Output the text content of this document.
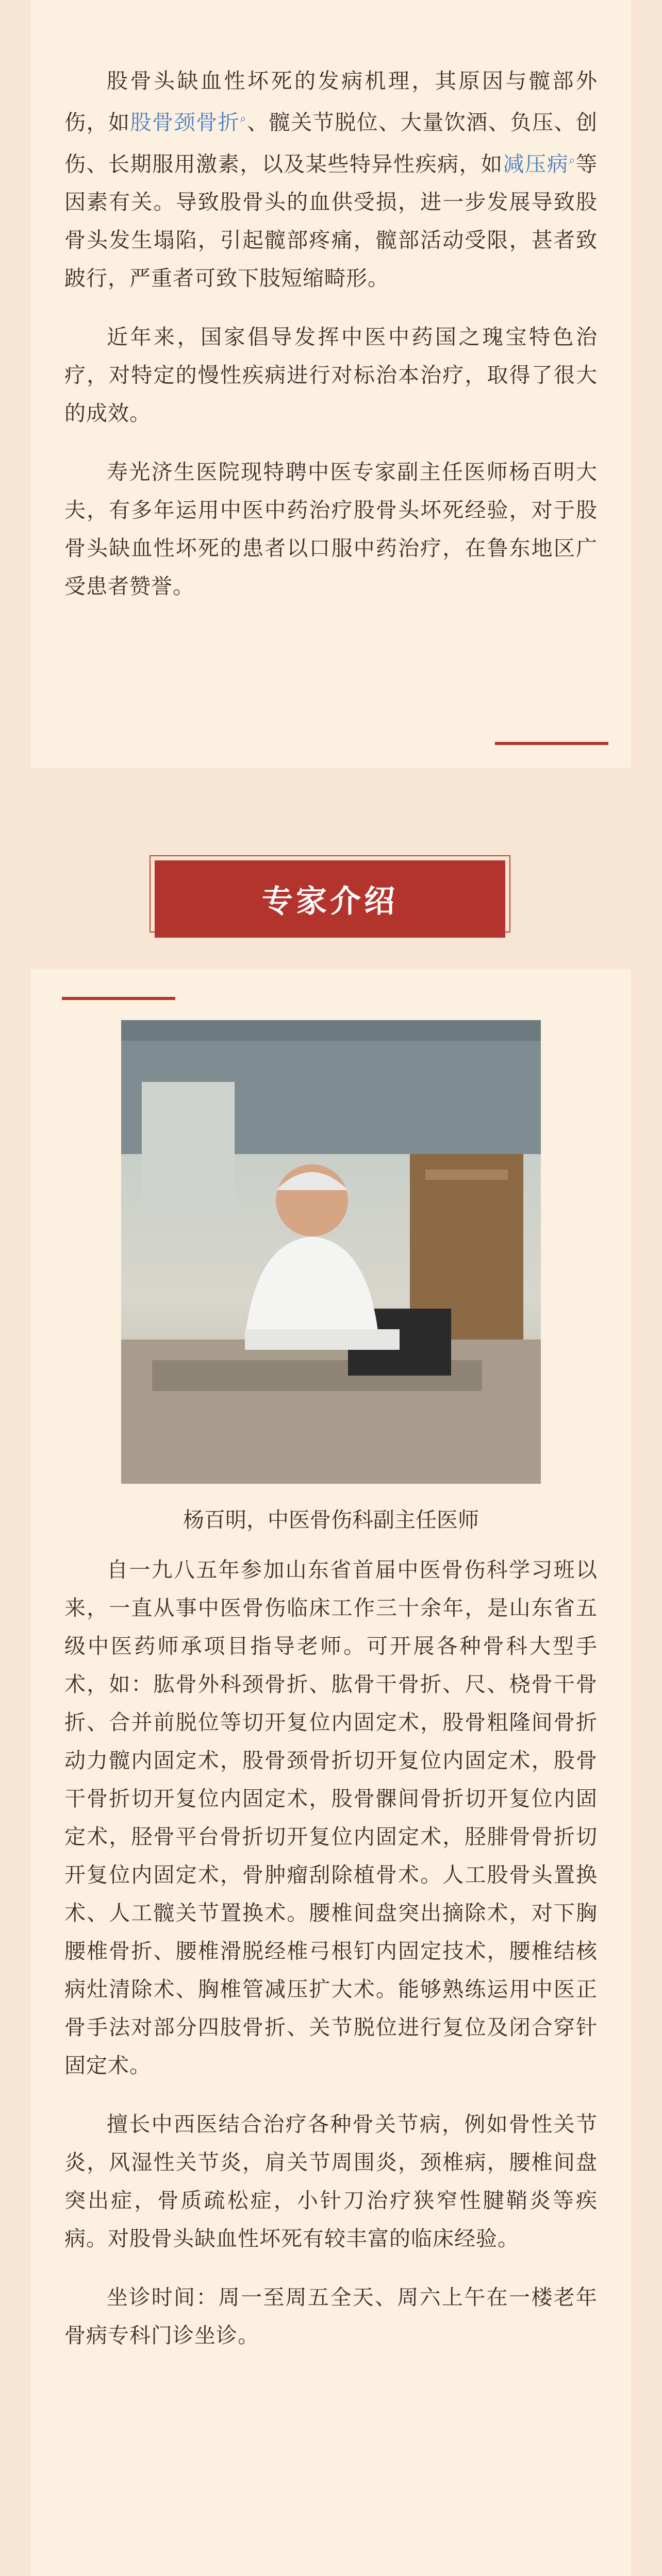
股骨头缺血性坏死的发病机理，其原因与髋部外伤，如股骨颈骨折⌕、髋关节脱位、大量饮酒、负压、创伤、长期服用激素，以及某些特异性疾病，如减压病⌕等因素有关。导致股骨头的血供受损，进一步发展导致股骨头发生塌陷，引起髋部疼痛，髋部活动受限，甚者致跛行，严重者可致下肢短缩畸形。

近年来，国家倡导发挥中医中药国之瑰宝特色治疗，对特定的慢性疾病进行对标治本治疗，取得了很大的成效。

寿光济生医院现特聘中医专家副主任医师杨百明大夫，有多年运用中医中药治疗股骨头坏死经验，对于股骨头缺血性坏死的患者以口服中药治疗，在鲁东地区广受患者赞誉。

专家介绍

杨百明，中医骨伤科副主任医师

自一九八五年参加山东省首届中医骨伤科学习班以来，一直从事中医骨伤临床工作三十余年，是山东省五级中医药师承项目指导老师。可开展各种骨科大型手术，如：肱骨外科颈骨折、肱骨干骨折、尺、桡骨干骨折、合并前脱位等切开复位内固定术，股骨粗隆间骨折动力髋内固定术，股骨颈骨折切开复位内固定术，股骨干骨折切开复位内固定术，股骨髁间骨折切开复位内固定术，胫骨平台骨折切开复位内固定术，胫腓骨骨折切开复位内固定术，骨肿瘤刮除植骨术。人工股骨头置换术、人工髋关节置换术。腰椎间盘突出摘除术，对下胸腰椎骨折、腰椎滑脱经椎弓根钉内固定技术，腰椎结核病灶清除术、胸椎管减压扩大术。能够熟练运用中医正骨手法对部分四肢骨折、关节脱位进行复位及闭合穿针固定术。

擅长中西医结合治疗各种骨关节病，例如骨性关节炎，风湿性关节炎，肩关节周围炎，颈椎病，腰椎间盘突出症，骨质疏松症，小针刀治疗狭窄性腱鞘炎等疾病。对股骨头缺血性坏死有较丰富的临床经验。

坐诊时间：周一至周五全天、周六上午在一楼老年骨病专科门诊坐诊。
